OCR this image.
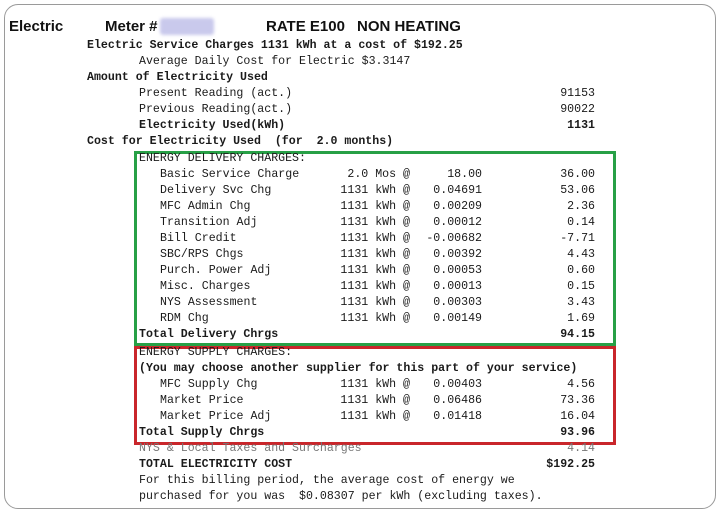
Electric	Meter #	RATE E100 NON HEATING
Electric Service Charges 1131 kWh at a cost of $192.25
Average Daily Cost for Electric $3.3147
Amount of Electricity Used
Present Reading (act.)	91153
Previous Reading(act.)	90022
Electricity Used(kWh)	1131
Cost for Electricity Used  (for  2.0 months)
ENERGY DELIVERY CHARGES:
Basic Service Charge	2.0 Mos @	18.00	36.00
Delivery Svc Chg	1131 kWh @	0.04691	53.06
MFC Admin Chg	1131 kWh @	0.00209	2.36
Transition Adj	1131 kWh @	0.00012	0.14
Bill Credit	1131 kWh @	-0.00682	-7.71
SBC/RPS Chgs	1131 kWh @	0.00392	4.43
Purch. Power Adj	1131 kWh @	0.00053	0.60
Misc. Charges	1131 kWh @	0.00013	0.15
NYS Assessment	1131 kWh @	0.00303	3.43
RDM Chg	1131 kWh @	0.00149	1.69
Total Delivery Chrgs	94.15
ENERGY SUPPLY CHARGES:
(You may choose another supplier for this part of your service)
MFC Supply Chg	1131 kWh @	0.00403	4.56
Market Price	1131 kWh @	0.06486	73.36
Market Price Adj	1131 kWh @	0.01418	16.04
Total Supply Chrgs	93.96
NYS & Local Taxes and Surcharges	4.14
TOTAL ELECTRICITY COST	$192.25
For this billing period, the average cost of energy we
purchased for you was  $0.08307 per kWh (excluding taxes).
